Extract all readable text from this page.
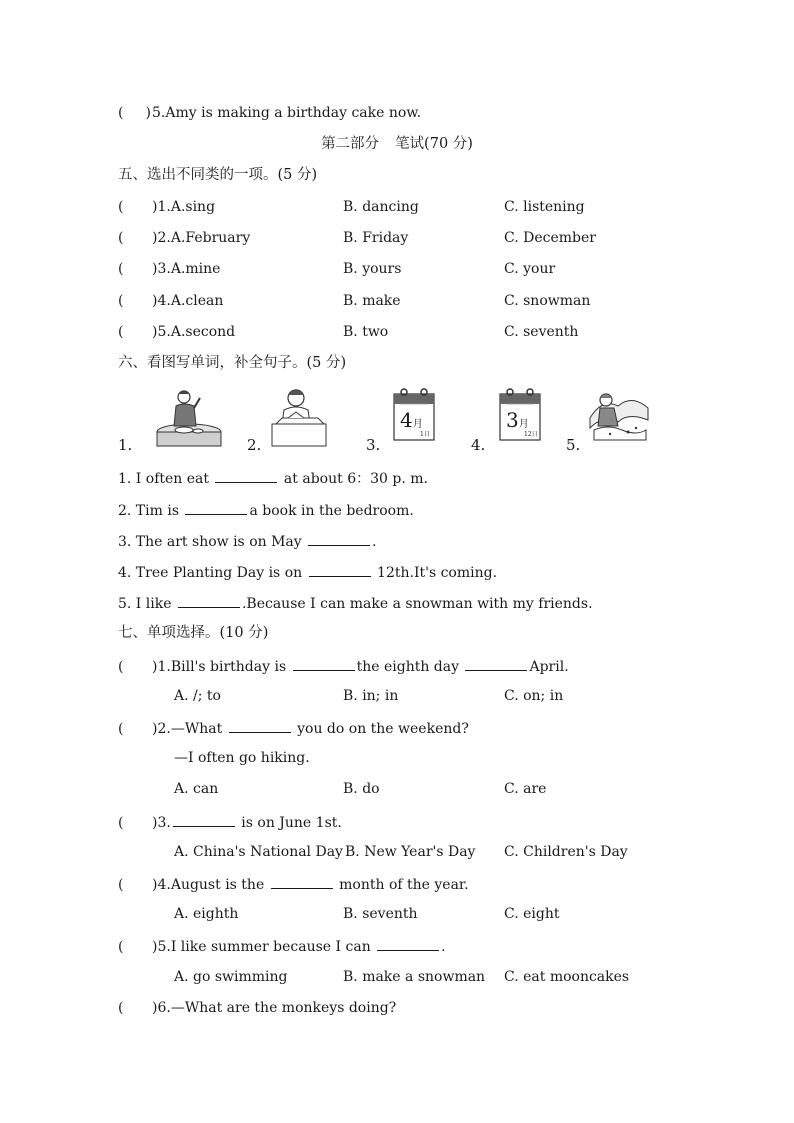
( )5.Amy is making a birthday cake now.
第二部分 笔试(70 分)
五、选出不同类的一项。(5 分)
( )1.A.sing	B. dancing	C. listening
( )2.A.February	B. Friday	C. December
( )3.A.mine	B. yours	C. your
( )4.A.clean	B. make	C. snowman
( )5.A.second	B. two	C. seventh
六、看图写单词，补全句子。(5 分)
1.	2.	3.	4.	5.
4月
1日
3月
12日
1. I often eat	at about 6：30 p. m.
2. Tim is	a book in the bedroom.
3. The art show is on May	.
4. Tree Planting Day is on	12th.It's coming.
5. I like	.Because I can make a snowman with my friends.
七、单项选择。(10 分)
( )1.Bill's birthday is	the eighth day	April.
A. /; to	B. in; in	C. on; in
( )2.—What	you do on the weekend?
—I often go hiking.
A. can	B. do	C. are
( )3.	is on June 1st.
A. China's National Day B. New Year's Day C. Children's Day
( )4.August is the	month of the year.
A. eighth	B. seventh	C. eight
( )5.I like summer because I can	.
A. go swimming	B. make a snowman C. eat mooncakes
( )6.—What are the monkeys doing?
